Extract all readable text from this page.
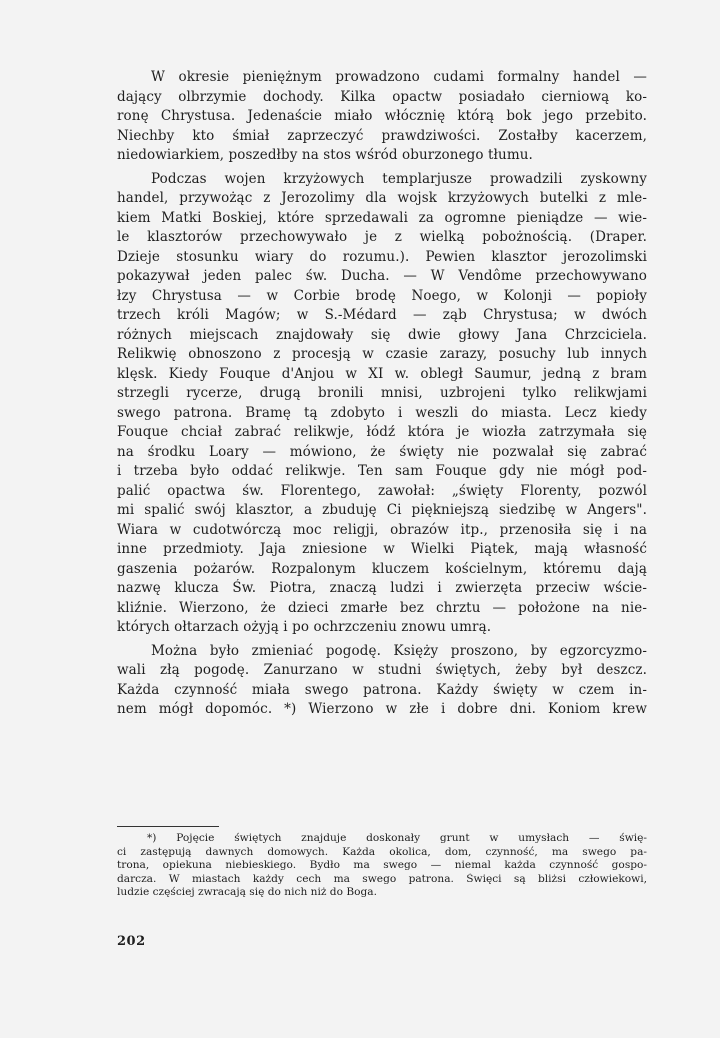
W okresie pieniężnym prowadzono cudami formalny handel —
dający olbrzymie dochody. Kilka opactw posiadało cierniową ko-
ronę Chrystusa. Jedenaście miało włócznię którą bok jego przebito.
Niechby kto śmiał zaprzeczyć prawdziwości. Zostałby kacerzem,
niedowiarkiem, poszedłby na stos wśród oburzonego tłumu.
Podczas wojen krzyżowych templarjusze prowadzili zyskowny
handel, przywożąc z Jerozolimy dla wojsk krzyżowych butelki z mle-
kiem Matki Boskiej, które sprzedawali za ogromne pieniądze — wie-
le klasztorów przechowywało je z wielką pobożnością. (Draper.
Dzieje stosunku wiary do rozumu.). Pewien klasztor jerozolimski
pokazywał jeden palec św. Ducha. — W Vendôme przechowywano
łzy Chrystusa — w Corbie brodę Noego, w Kolonji — popioły
trzech króli Magów; w S.-Médard — ząb Chrystusa; w dwóch
różnych miejscach znajdowały się dwie głowy Jana Chrzciciela.
Relikwię obnoszono z procesją w czasie zarazy, posuchy lub innych
klęsk. Kiedy Fouque d'Anjou w XI w. obległ Saumur, jedną z bram
strzegli rycerze, drugą bronili mnisi, uzbrojeni tylko relikwjami
swego patrona. Bramę tą zdobyto i weszli do miasta. Lecz kiedy
Fouque chciał zabrać relikwje, łódź która je wiozła zatrzymała się
na środku Loary — mówiono, że święty nie pozwalał się zabrać
i trzeba było oddać relikwje. Ten sam Fouque gdy nie mógł pod-
palić opactwa św. Florentego, zawołał: „święty Florenty, pozwól
mi spalić swój klasztor, a zbuduję Ci piękniejszą siedzibę w Angers".
Wiara w cudotwórczą moc religji, obrazów itp., przenosiła się i na
inne przedmioty. Jaja zniesione w Wielki Piątek, mają własność
gaszenia pożarów. Rozpalonym kluczem kościelnym, któremu dają
nazwę klucza Św. Piotra, znaczą ludzi i zwierzęta przeciw wście-
kliźnie. Wierzono, że dzieci zmarłe bez chrztu — położone na nie-
których ołtarzach ożyją i po ochrzczeniu znowu umrą.
Można było zmieniać pogodę. Księży proszono, by egzorcyzmo-
wali złą pogodę. Zanurzano w studni świętych, żeby był deszcz.
Każda czynność miała swego patrona. Każdy święty w czem in-
nem mógł dopomóc. *) Wierzono w złe i dobre dni. Koniom krew
*) Pojęcie świętych znajduje doskonały grunt w umysłach — świę-
ci zastępują dawnych domowych. Każda okolica, dom, czynność, ma swego pa-
trona, opiekuna niebieskiego. Bydło ma swego — niemal każda czynność gospo-
darcza. W miastach każdy cech ma swego patrona. Święci są bliżsi człowiekowi,
ludzie częściej zwracają się do nich niż do Boga.
202
